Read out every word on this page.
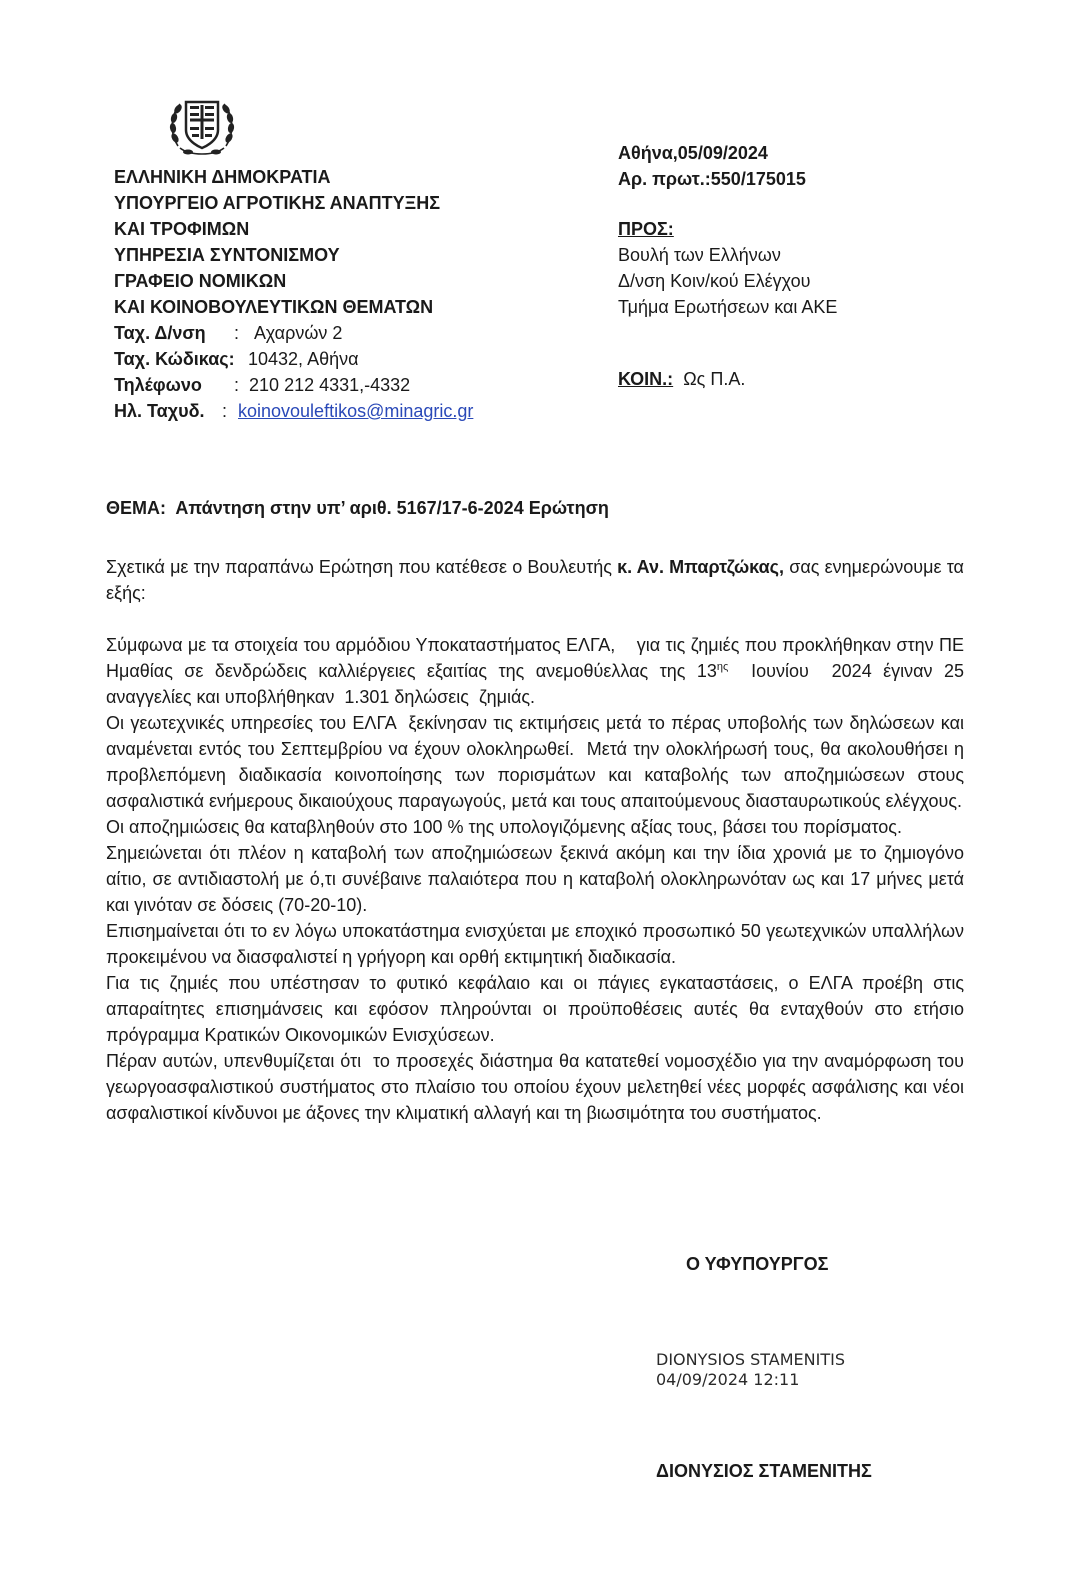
ΕΛΛΗΝΙΚΗ ΔΗΜΟΚΡΑΤΙΑ
ΥΠΟΥΡΓΕΙΟ ΑΓΡΟΤΙΚΗΣ ΑΝΑΠΤΥΞΗΣ
ΚΑΙ ΤΡΟΦΙΜΩΝ
ΥΠΗΡΕΣΙΑ ΣΥΝΤΟΝΙΣΜΟΥ
ΓΡΑΦΕΙΟ ΝΟΜΙΚΩΝ
ΚΑΙ ΚΟΙΝΟΒΟΥΛΕΥΤΙΚΩΝ ΘΕΜΑΤΩΝ
Ταχ. Δ/νση : Αχαρνών 2
Ταχ. Κώδικας: 10432, Αθήνα
Τηλέφωνο : 210 212 4331,-4332
Ηλ. Ταχυδ. : koinovouleftikos@minagric.gr
Αθήνα,05/09/2024
Αρ. πρωτ.:550/175015
ΠΡΟΣ:
Βουλή των Ελλήνων
Δ/νση Κοιν/κού Ελέγχου
Τμήμα Ερωτήσεων και ΑΚΕ
ΚΟΙΝ.: Ως Π.Α.
ΘΕΜΑ: Απάντηση στην υπ’ αριθ. 5167/17-6-2024 Ερώτηση

Σχετικά με την παραπάνω Ερώτηση που κατέθεσε ο Βουλευτής κ. Αν. Μπαρτζώκας, σας ενημερώνουμε τα εξής:

Σύμφωνα με τα στοιχεία του αρμόδιου Υποκαταστήματος ΕΛΓΑ,    για τις ζημιές που προκλήθηκαν στην ΠΕ Ημαθίας σε δενδρώδεις καλλιέργειες εξαιτίας της ανεμοθύελλας της $13^{\eta\varsigma}$  Ιουνίου  2024 έγιναν 25 αναγγελίες και υποβλήθηκαν  1.301 δηλώσεις  ζημιάς.

Οι γεωτεχνικές υπηρεσίες του ΕΛΓΑ  ξεκίνησαν τις εκτιμήσεις μετά το πέρας υποβολής των δηλώσεων και αναμένεται εντός του Σεπτεμβρίου να έχουν ολοκληρωθεί.  Μετά την ολοκλήρωσή τους, θα ακολουθήσει η προβλεπόμενη διαδικασία κοινοποίησης των πορισμάτων και καταβολής των αποζημιώσεων στους ασφαλιστικά ενήμερους δικαιούχους παραγωγούς, μετά και τους απαιτούμενους διασταυρωτικούς ελέγχους.

Οι αποζημιώσεις θα καταβληθούν στο 100 % της υπολογιζόμενης αξίας τους, βάσει του πορίσματος.

Σημειώνεται ότι πλέον η καταβολή των αποζημιώσεων ξεκινά ακόμη και την ίδια χρονιά με το ζημιογόνο αίτιο, σε αντιδιαστολή με ό,τι συνέβαινε παλαιότερα που η καταβολή ολοκληρωνόταν ως και 17 μήνες μετά και γινόταν σε δόσεις (70-20-10).

Επισημαίνεται ότι το εν λόγω υποκατάστημα ενισχύεται με εποχικό προσωπικό 50 γεωτεχνικών υπαλλήλων προκειμένου να διασφαλιστεί η γρήγορη και ορθή εκτιμητική διαδικασία.

Για τις ζημιές που υπέστησαν το φυτικό κεφάλαιο και οι πάγιες εγκαταστάσεις, ο ΕΛΓΑ προέβη στις απαραίτητες επισημάνσεις και εφόσον πληρούνται οι προϋποθέσεις αυτές θα ενταχθούν στο ετήσιο πρόγραμμα Κρατικών Οικονομικών Ενισχύσεων.

Πέραν αυτών, υπενθυμίζεται ότι  το προσεχές διάστημα θα κατατεθεί νομοσχέδιο για την αναμόρφωση του γεωργοασφαλιστικού συστήματος στο πλαίσιο του οποίου έχουν μελετηθεί νέες μορφές ασφάλισης και νέοι ασφαλιστικοί κίνδυνοι με άξονες την κλιματική αλλαγή και τη βιωσιμότητα του συστήματος.

Ο ΥΦΥΠΟΥΡΓΟΣ
DIONYSIOS STAMENITIS
04/09/2024 12:11
ΔΙΟΝΥΣΙΟΣ ΣΤΑΜΕΝΙΤΗΣ
